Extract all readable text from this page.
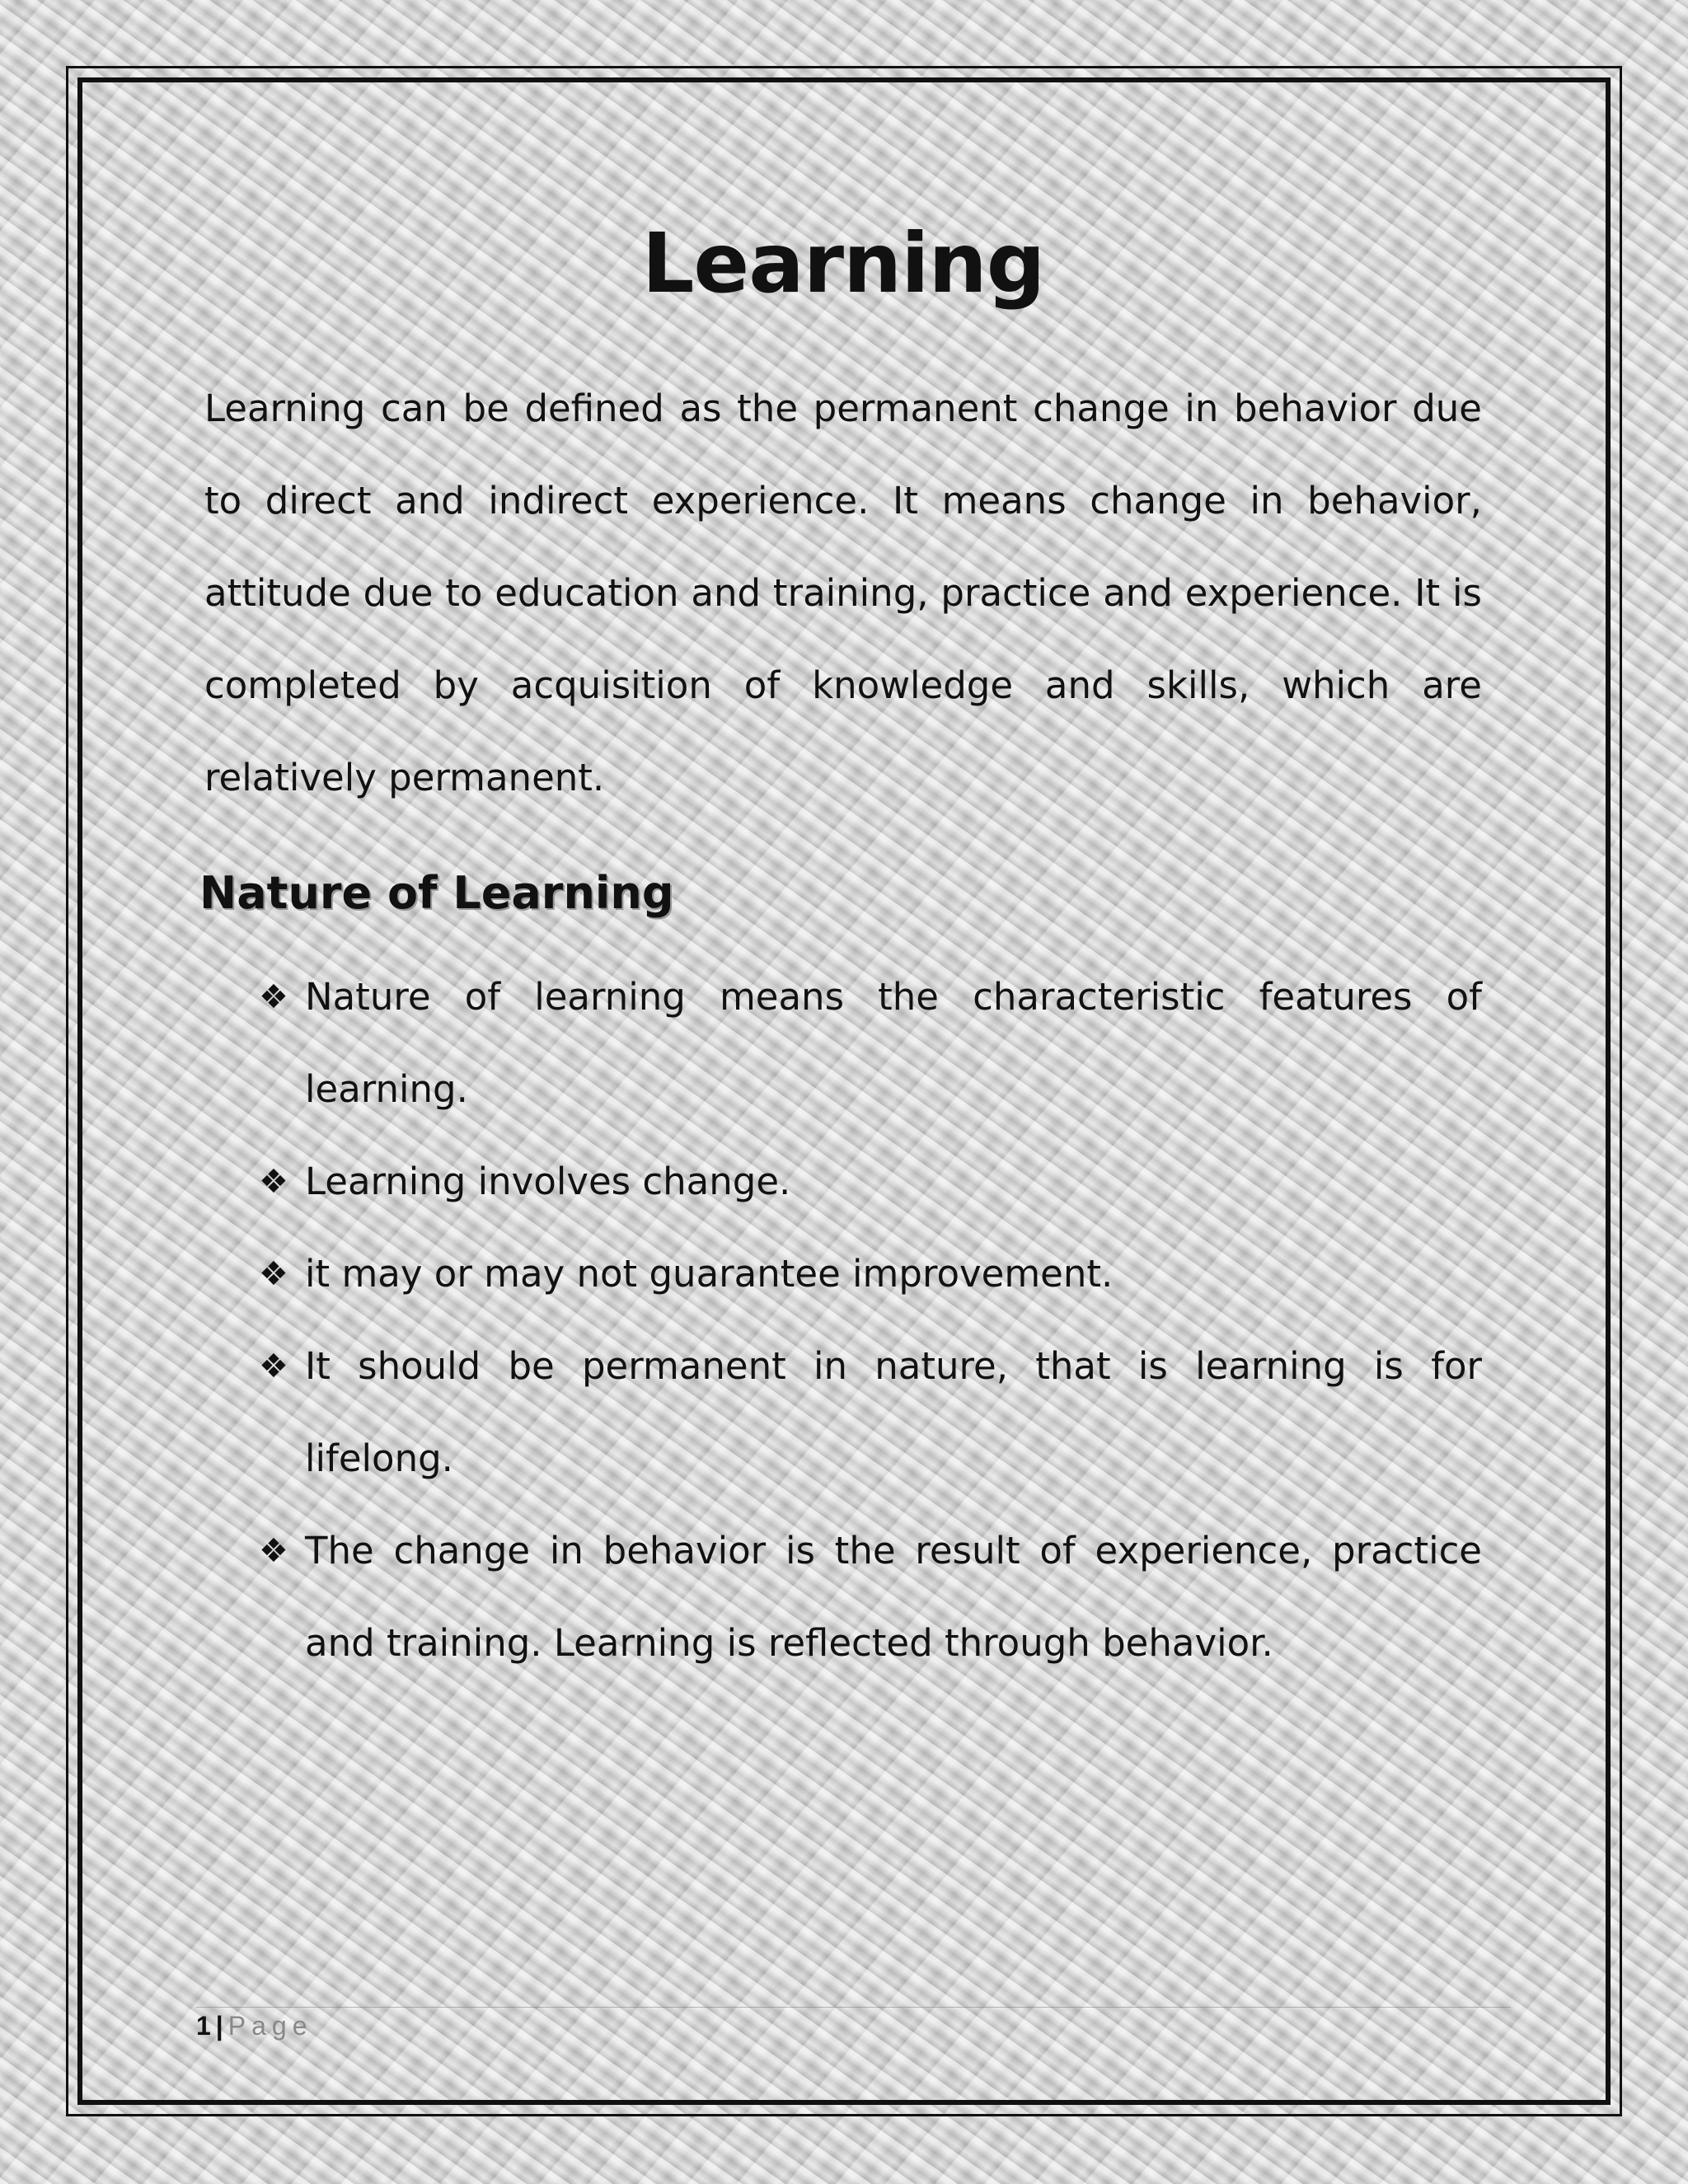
Learning

Learning can be defined as the permanent change in behavior due to direct and indirect experience. It means change in behavior, attitude due to education and training, practice and experience. It is completed by acquisition of knowledge and skills, which are relatively permanent.

Nature of Learning
❖ Nature of learning means the characteristic features of learning.
❖ Learning involves change.
❖ it may or may not guarantee improvement.
❖ It should be permanent in nature, that is learning is for lifelong.
❖ The change in behavior is the result of experience, practice and training. Learning is reflected through behavior.
1 | Page
